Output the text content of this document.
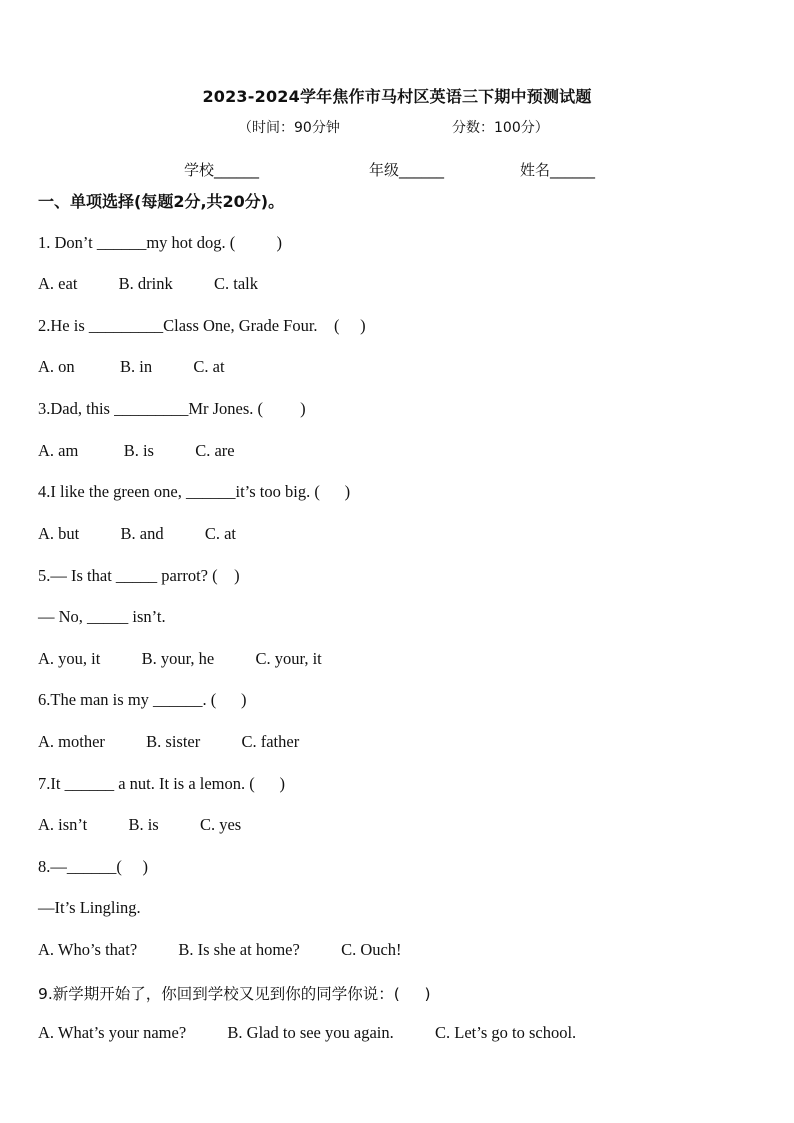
2023-2024学年焦作市马村区英语三下期中预测试题
（时间：90分钟	分数：100分）
学校______	年级______	姓名______
一、单项选择(每题2分,共20分)。
1. Don’t ______my hot dog. (          )
A. eat          B. drink          C. talk
2.He is _________Class One, Grade Four.    (     )
A. on           B. in          C. at
3.Dad, this _________Mr Jones. (         )
A. am           B. is          C. are
4.I like the green one, ______it’s too big. (      )
A. but          B. and          C. at
5.— Is that _____ parrot? (    )
— No, _____ isn’t.
A. you, it          B. your, he          C. your, it
6.The man is my ______. (      )
A. mother          B. sister          C. father
7.It ______ a nut. It is a lemon. (      )
A. isn’t          B. is          C. yes
8.—______(     )
—It’s Lingling.
A. Who’s that?          B. Is she at home?          C. Ouch!
9.新学期开始了，你回到学校又见到你的同学你说：(     )
A. What’s your name?          B. Glad to see you again.          C. Let’s go to school.
